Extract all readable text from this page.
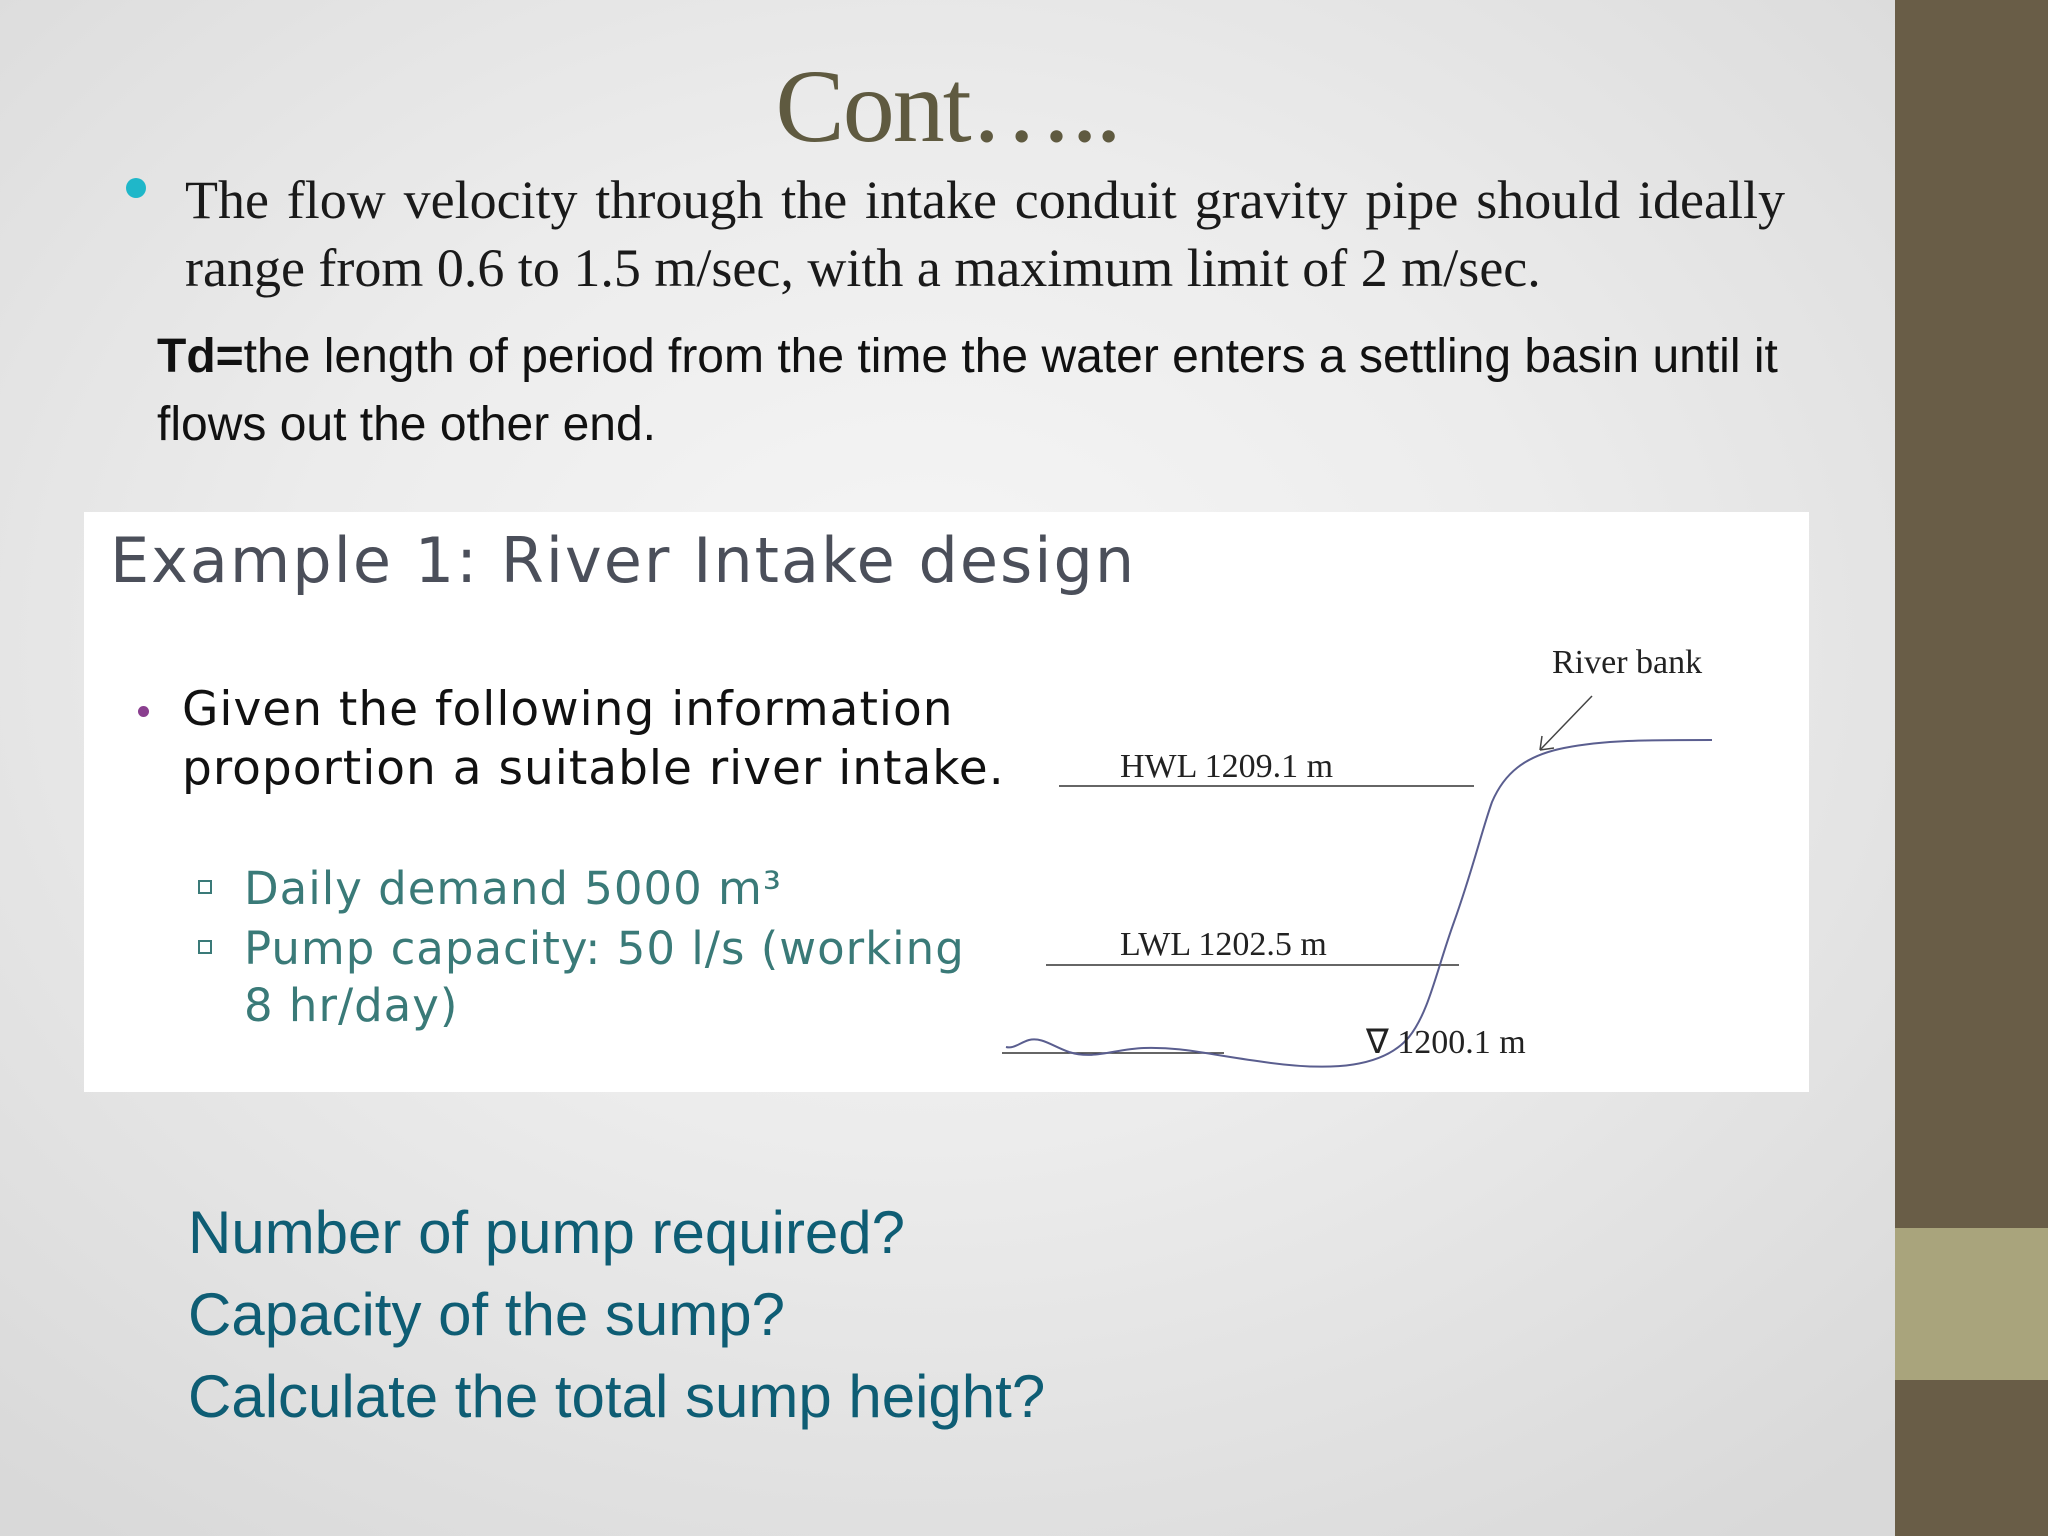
Cont…..
The flow velocity through the intake conduit gravity pipe should ideally range from 0.6 to 1.5 m/sec, with a maximum limit of 2 m/sec.
Td=the length of period from the time the water enters a settling basin until it flows out the other end.
Example 1: River Intake design
Given the following information proportion a suitable river intake.
Daily demand 5000 m³
Pump capacity: 50 l/s (working 8 hr/day)
River bank
HWL 1209.1 m
LWL 1202.5 m
∇ 1200.1 m
Number of pump required?
Capacity of the sump?
Calculate the total sump height?
